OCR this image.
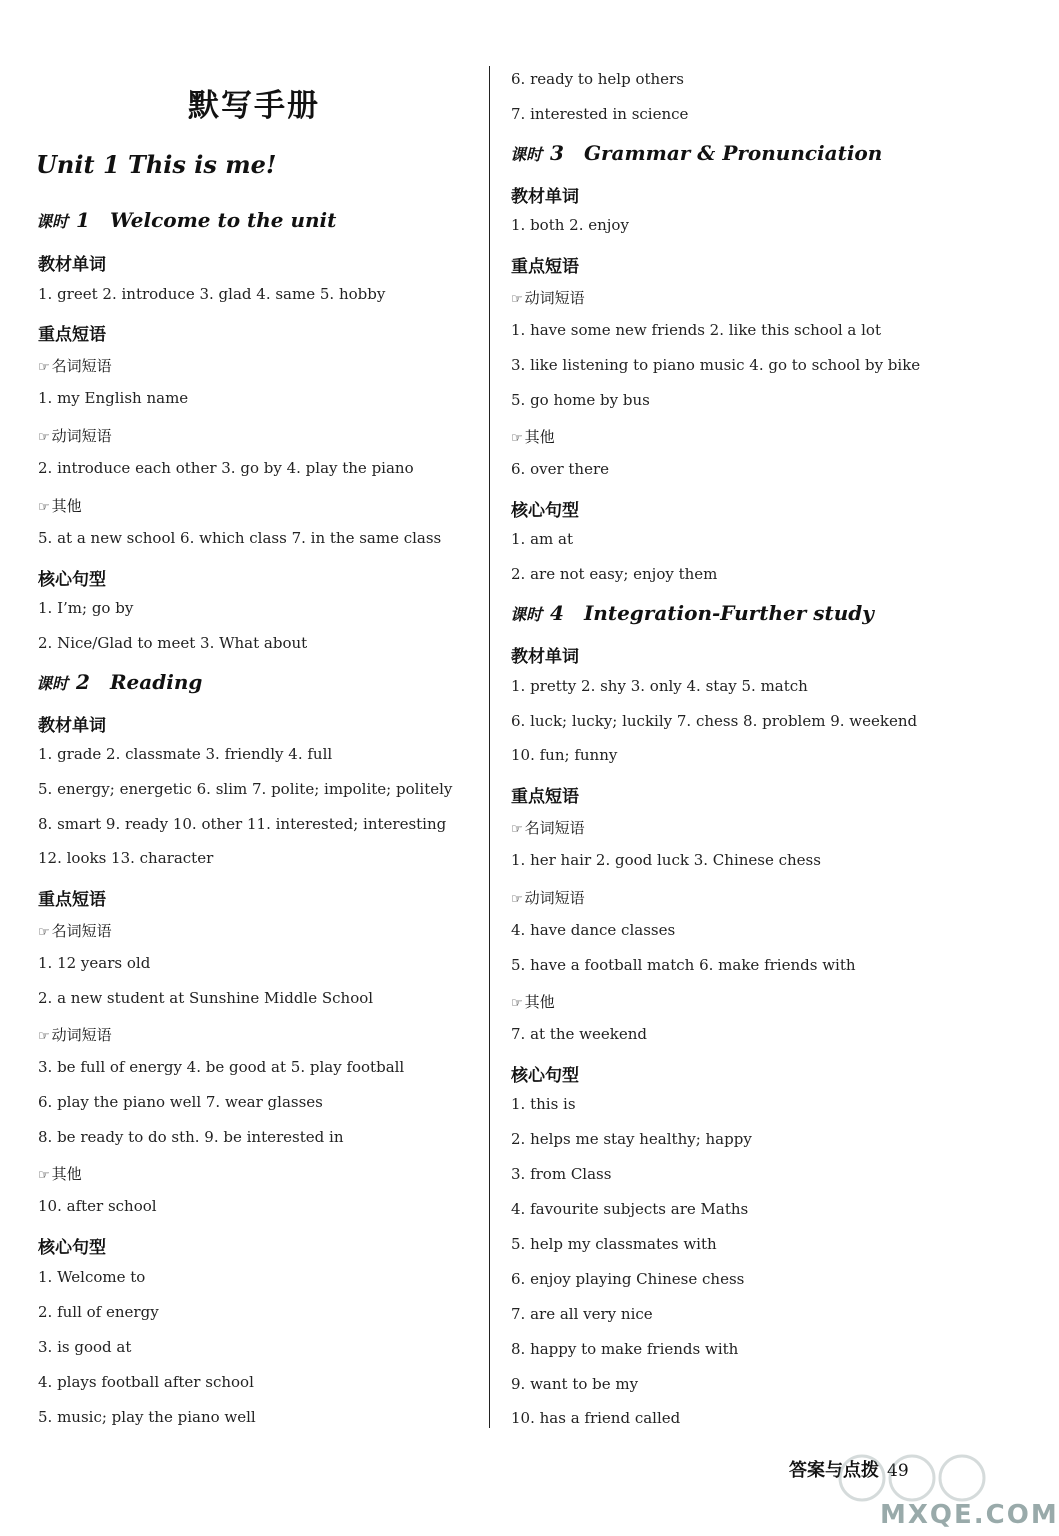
默写手册
Unit 1 This is me!
课时 1 Welcome to the unit
教材单词
1. greet 2. introduce 3. glad 4. same 5. hobby
重点短语
☞ 名词短语
1. my English name
☞ 动词短语
2. introduce each other 3. go by 4. play the piano
☞ 其他
5. at a new school 6. which class 7. in the same class
核心句型
1. I’m; go by
2. Nice/Glad to meet 3. What about
课时 2 Reading
教材单词
1. grade 2. classmate 3. friendly 4. full
5. energy; energetic 6. slim 7. polite; impolite; politely
8. smart 9. ready 10. other 11. interested; interesting
12. looks 13. character
重点短语
☞ 名词短语
1. 12 years old
2. a new student at Sunshine Middle School
☞ 动词短语
3. be full of energy 4. be good at 5. play football
6. play the piano well 7. wear glasses
8. be ready to do sth. 9. be interested in
☞ 其他
10. after school
核心句型
1. Welcome to
2. full of energy
3. is good at
4. plays football after school
5. music; play the piano well
6. ready to help others
7. interested in science
课时 3 Grammar & Pronunciation
教材单词
1. both 2. enjoy
重点短语
☞ 动词短语
1. have some new friends 2. like this school a lot
3. like listening to piano music 4. go to school by bike
5. go home by bus
☞ 其他
6. over there
核心句型
1. am at
2. are not easy; enjoy them
课时 4 Integration-Further study
教材单词
1. pretty 2. shy 3. only 4. stay 5. match
6. luck; lucky; luckily 7. chess 8. problem 9. weekend
10. fun; funny
重点短语
☞ 名词短语
1. her hair 2. good luck 3. Chinese chess
☞ 动词短语
4. have dance classes
5. have a football match 6. make friends with
☞ 其他
7. at the weekend
核心句型
1. this is
2. helps me stay healthy; happy
3. from Class
4. favourite subjects are Maths
5. help my classmates with
6. enjoy playing Chinese chess
7. are all very nice
8. happy to make friends with
9. want to be my
10. has a friend called
答案与点拨 49
MXQE.COM
